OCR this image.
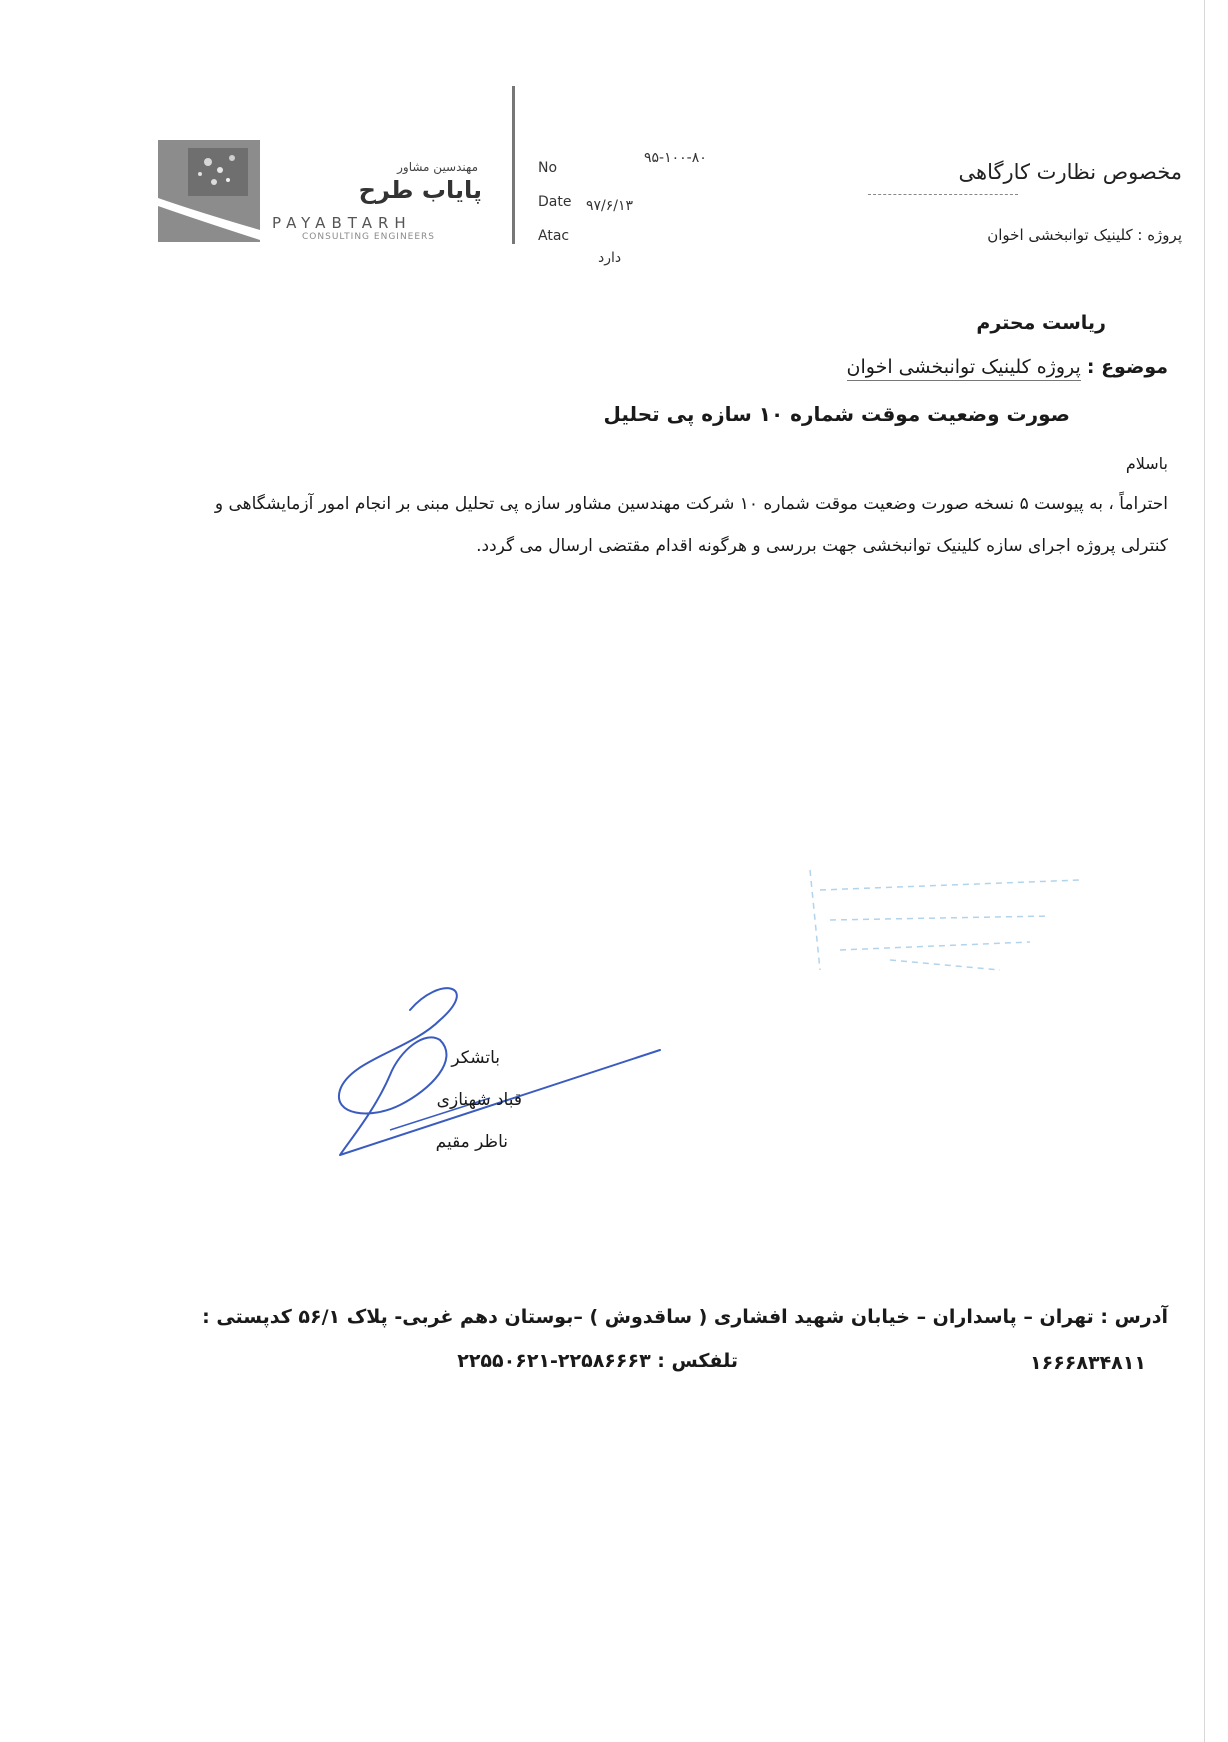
مهندسین مشاور
پایاب طرح
PAYABTARH
CONSULTING ENGINEERS
No
۹۵-۱۰۰-۸۰
Date ۹۷/۶/۱۳
Atac
دارد
مخصوص نظارت کارگاهی
پروژه : کلینیک توانبخشی اخوان
ریاست محترم
موضوع : پروژه کلینیک توانبخشی اخوان
صورت وضعیت موقت شماره ۱۰ سازه پی تحلیل
باسلام
احتراماً ، به پیوست ۵ نسخه صورت وضعیت موقت شماره ۱۰ شرکت مهندسین مشاور سازه پی تحلیل مبنی بر انجام امور آزمایشگاهی و
کنترلی پروژه اجرای سازه کلینیک توانبخشی جهت بررسی و هرگونه اقدام مقتضی ارسال می گردد.
باتشکر
قباد شهنازی
ناظر مقیم
آدرس : تهران – پاسداران – خیابان شهید افشاری ( ساقدوش ) –بوستان دهم غربی- پلاک ۵۶/۱ کدپستی :
۱۶۶۶۸۳۴۸۱۱
تلفکس : ۲۲۵۸۶۶۶۳-۲۲۵۵۰۶۲۱
